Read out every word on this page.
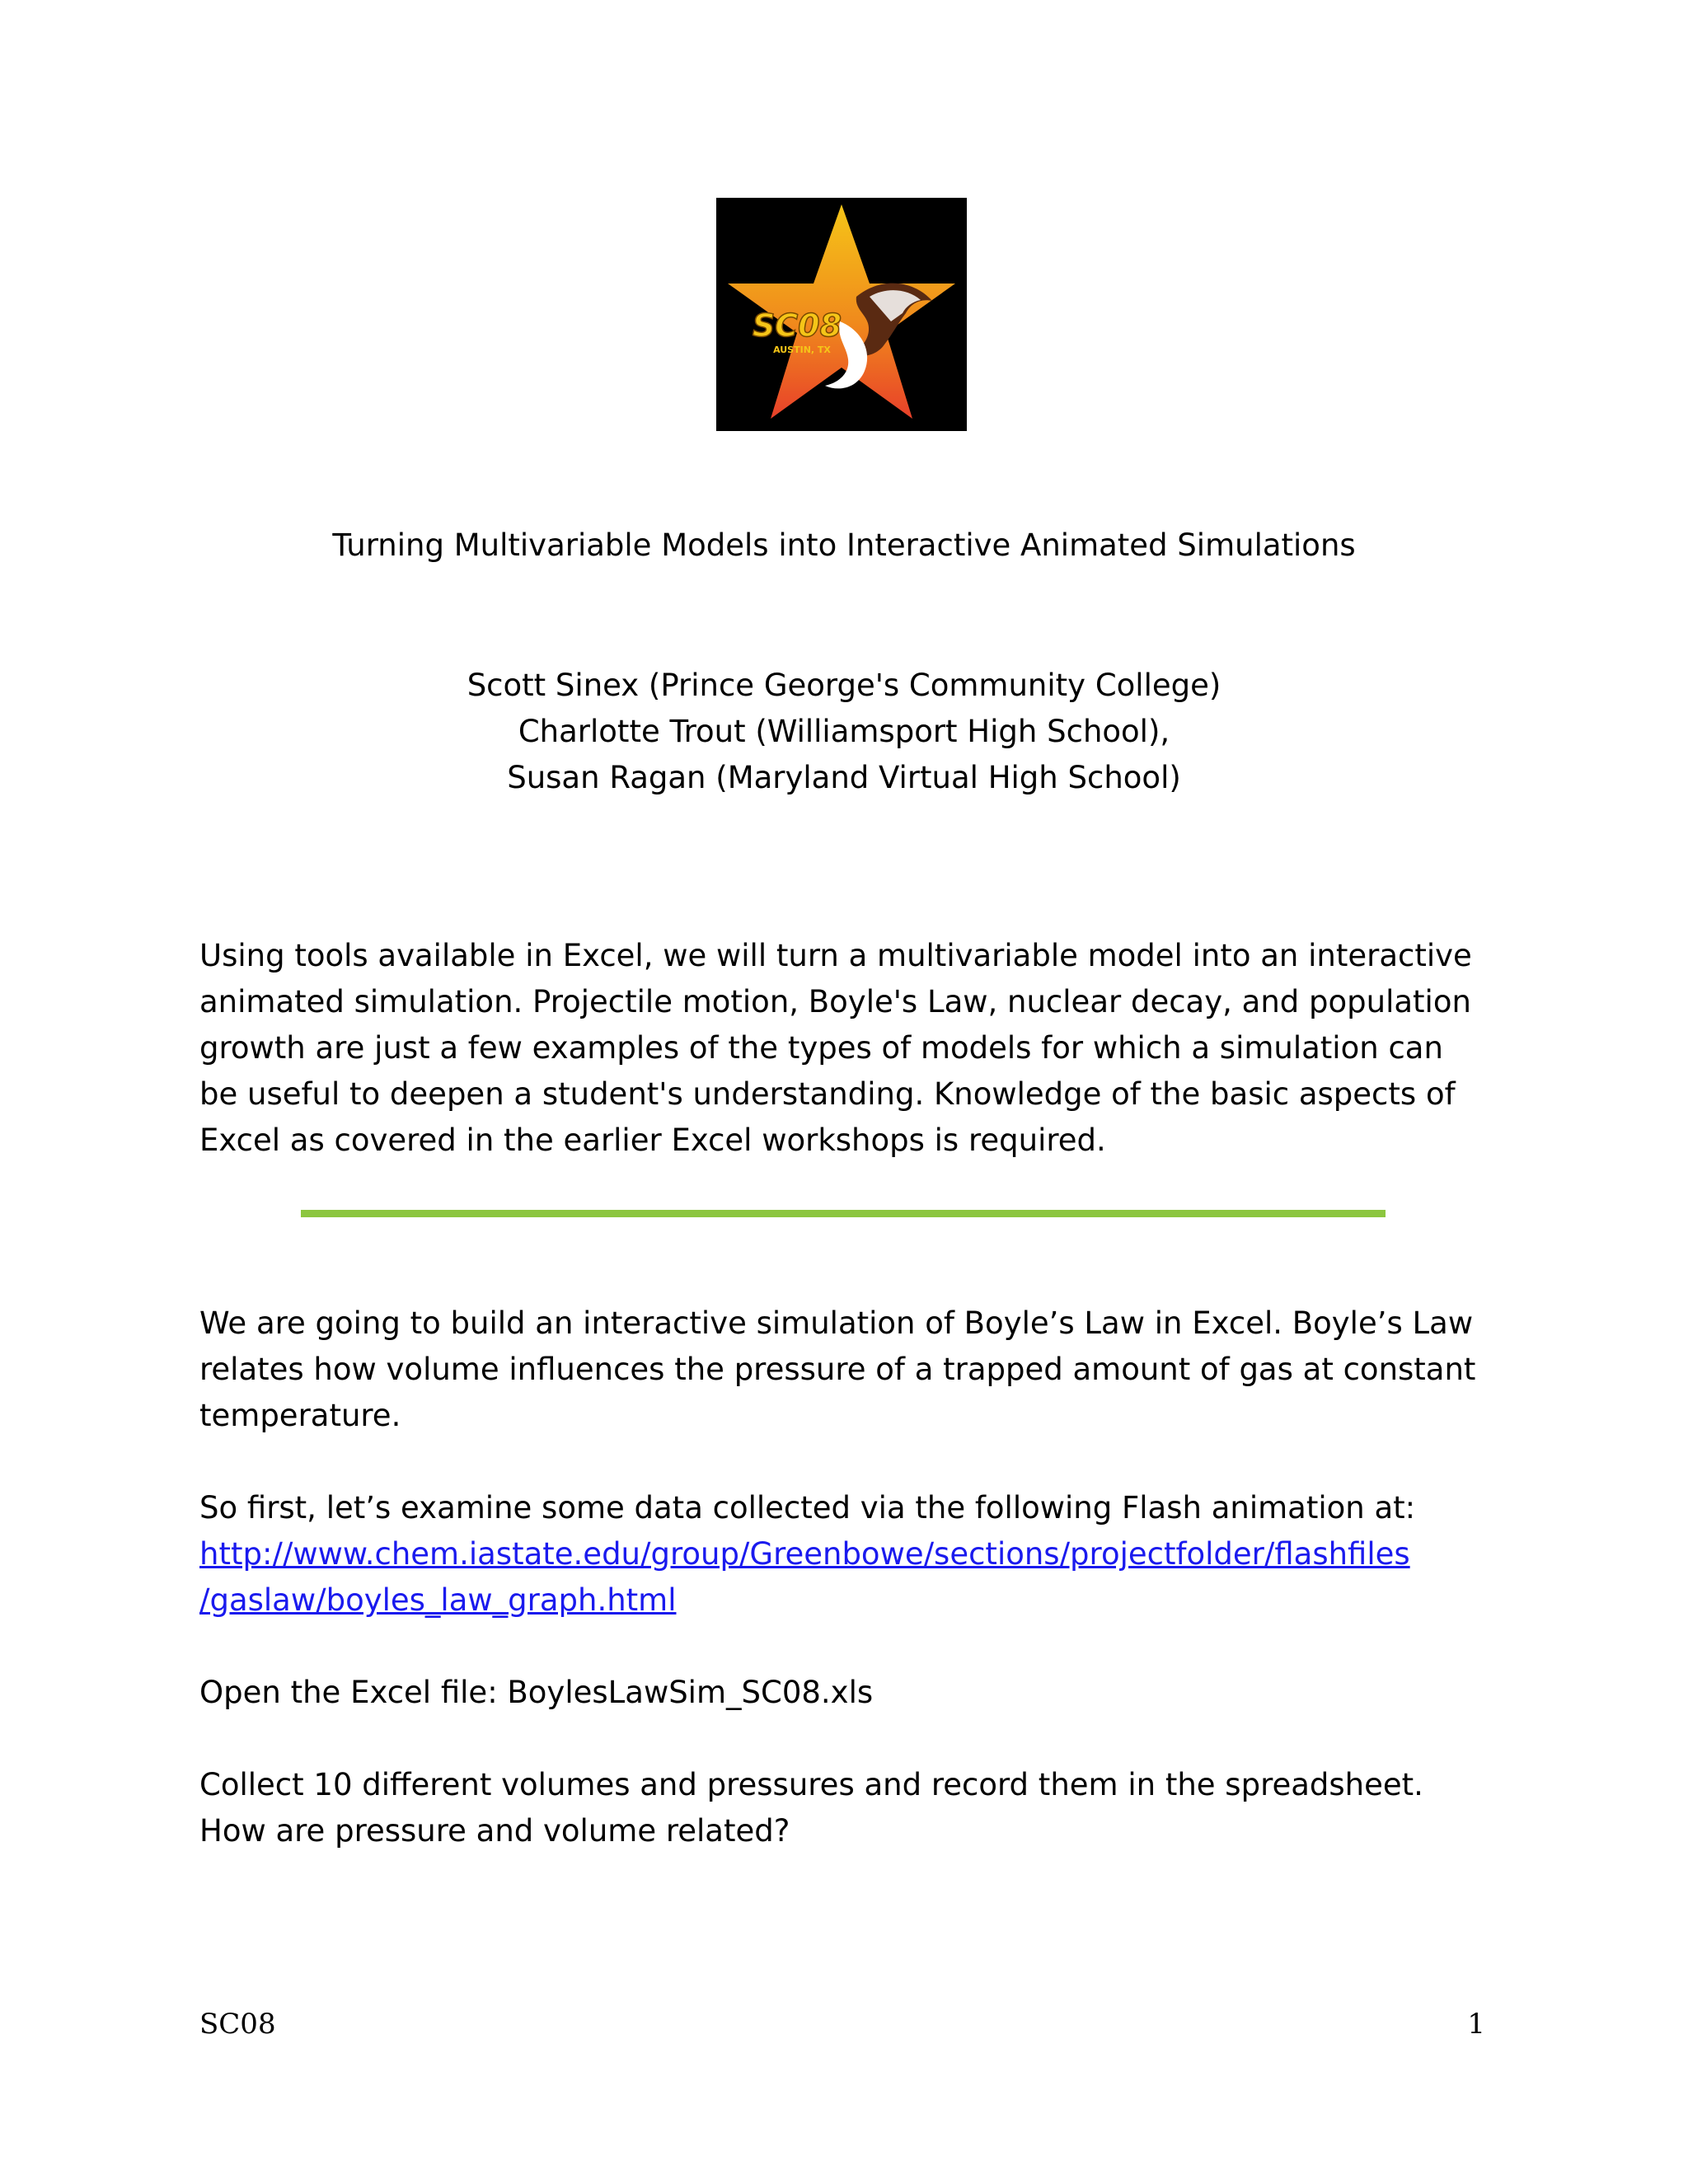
SC08
AUSTIN, TX
Turning Multivariable Models into Interactive Animated Simulations
Scott Sinex (Prince George's Community College)
Charlotte Trout (Williamsport High School),
Susan Ragan (Maryland Virtual High School)

Using tools available in Excel, we will turn a multivariable model into an interactive
animated simulation. Projectile motion, Boyle's Law, nuclear decay, and population
growth are just a few examples of the types of models for which a simulation can
be useful to deepen a student's understanding. Knowledge of the basic aspects of
Excel as covered in the earlier Excel workshops is required.

We are going to build an interactive simulation of Boyle’s Law in Excel. Boyle’s Law
relates how volume influences the pressure of a trapped amount of gas at constant
temperature.

So first, let’s examine some data collected via the following Flash animation at:
http://www.chem.iastate.edu/group/Greenbowe/sections/projectfolder/flashfiles
/gaslaw/boyles_law_graph.html

Open the Excel file: BoylesLawSim_SC08.xls

Collect 10 different volumes and pressures and record them in the spreadsheet.
How are pressure and volume related?

SC08	1
